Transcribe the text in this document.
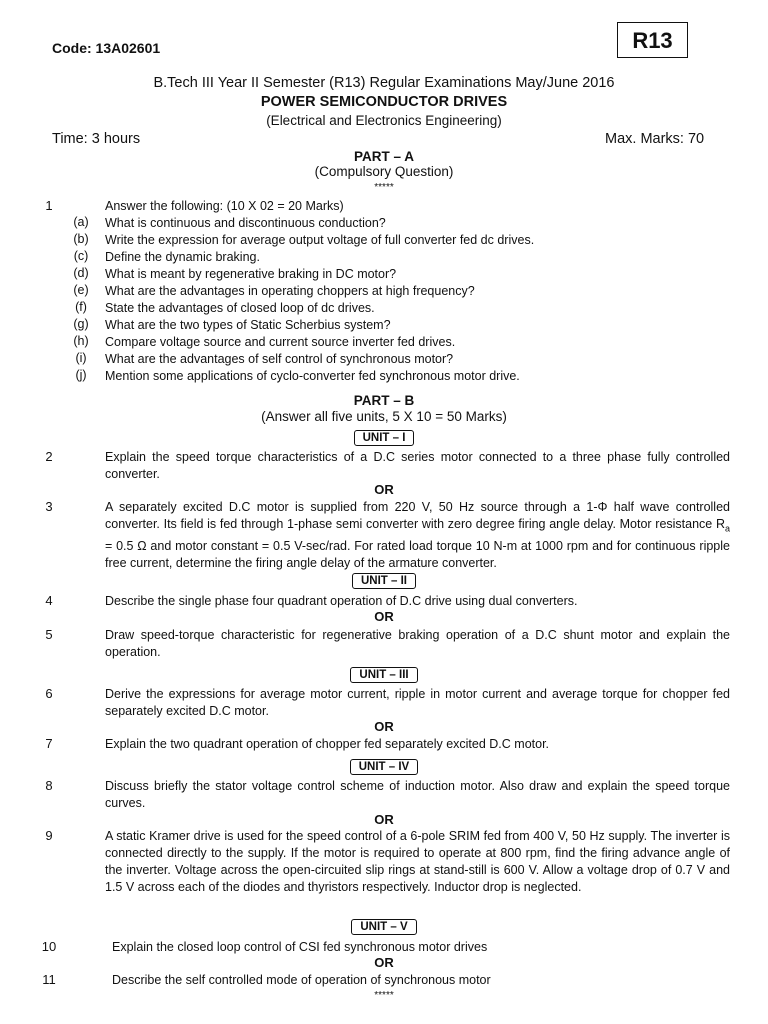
Code: 13A02601	R13
B.Tech III Year II Semester (R13) Regular Examinations May/June 2016
POWER SEMICONDUCTOR DRIVES
(Electrical and Electronics Engineering)
Time: 3 hours	Max. Marks: 70
PART – A
(Compulsory Question)
*****
1	Answer the following: (10 X 02 = 20 Marks)
(a)	What is continuous and discontinuous conduction?
(b)	Write the expression for average output voltage of full converter fed dc drives.
(c)	Define the dynamic braking.
(d)	What is meant by regenerative braking in DC motor?
(e)	What are the advantages in operating choppers at high frequency?
(f)	State the advantages of closed loop of dc drives.
(g)	What are the two types of Static Scherbius system?
(h)	Compare voltage source and current source inverter fed drives.
(i)	What are the advantages of self control of synchronous motor?
(j)	Mention some applications of cyclo-converter fed synchronous motor drive.
PART – B
(Answer all five units, 5 X 10 = 50 Marks)
UNIT – I
2	Explain the speed torque characteristics of a D.C series motor connected to a three phase fully controlled converter.
OR
3	A separately excited D.C motor is supplied from 220 V, 50 Hz source through a 1-Φ half wave controlled converter. Its field is fed through 1-phase semi converter with zero degree firing angle delay. Motor resistance $R_a = 0.5$ Ω and motor constant = 0.5 V-sec/rad. For rated load torque 10 N-m at 1000 rpm and for continuous ripple free current, determine the firing angle delay of the armature converter.
UNIT – II
4	Describe the single phase four quadrant operation of D.C drive using dual converters.
OR
5	Draw speed-torque characteristic for regenerative braking operation of a D.C shunt motor and explain the operation.
UNIT – III
6	Derive the expressions for average motor current, ripple in motor current and average torque for chopper fed separately excited D.C motor.
OR
7	Explain the two quadrant operation of chopper fed separately excited D.C motor.
UNIT – IV
8	Discuss briefly the stator voltage control scheme of induction motor. Also draw and explain the speed torque curves.
OR
9	A static Kramer drive is used for the speed control of a 6-pole SRIM fed from 400 V, 50 Hz supply. The inverter is connected directly to the supply. If the motor is required to operate at 800 rpm, find the firing advance angle of the inverter. Voltage across the open-circuited slip rings at stand-still is 600 V. Allow a voltage drop of 0.7 V and 1.5 V across each of the diodes and thyristors respectively. Inductor drop is neglected.
UNIT – V
10	Explain the closed loop control of CSI fed synchronous motor drives
OR
11	Describe the self controlled mode of operation of synchronous motor
*****
